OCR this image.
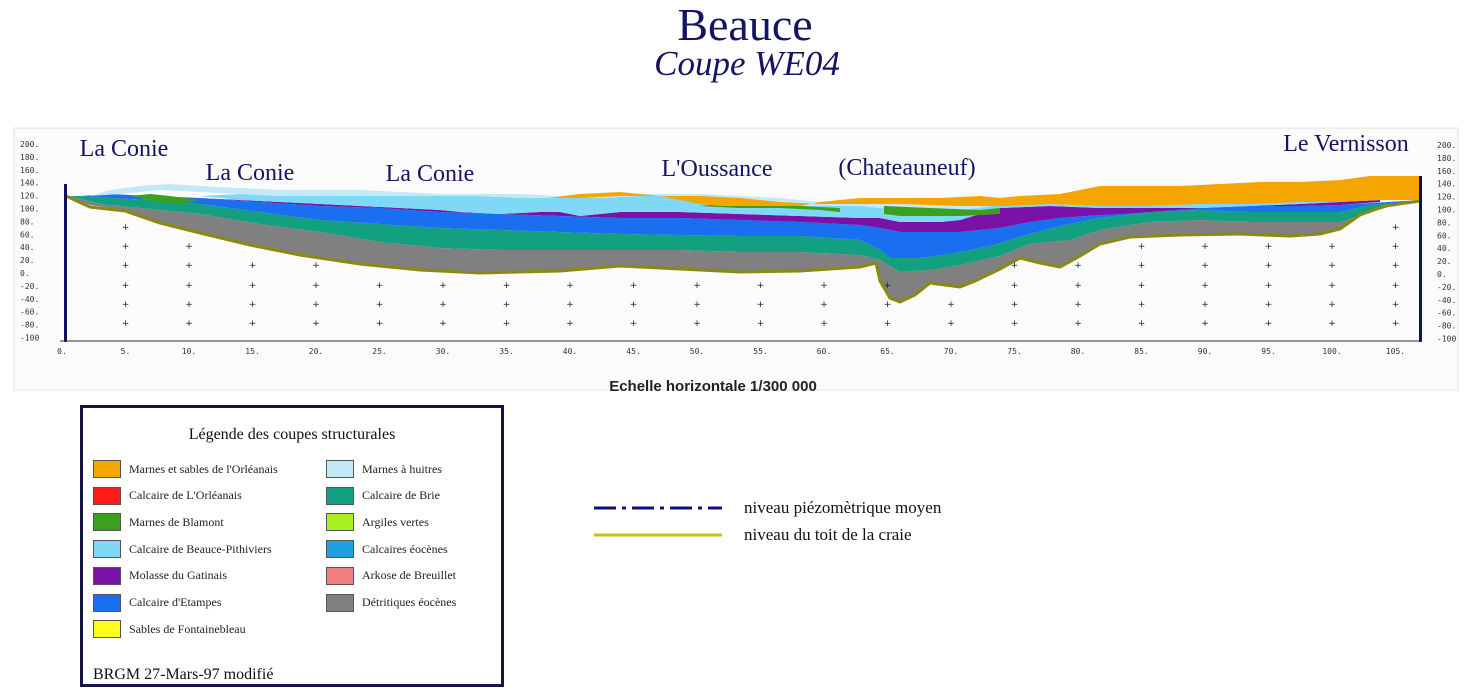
Beauce
Coupe WE04
200.
180.
160.
140.
120.
100.
80.
60.
40.
20.
0.
-20.
-40.
-60.
-80.
-100
200.
180.
160.
140.
120.
100.
80.
60.
40.
20.
0.
-20.
-40.
-60.
-80.
-100
0.	5.	10.	15.	20.	25.	30.	35.	40.	45.	50.	55.	60.	65.	70.	75.	80.	85.	90.	95.	100.	105.
+
+
+
+
+
+
+
+
+
+
+
+
+
+
+
+
+
+
+
+
+
+
+
+
+
+
+
+
+
+
+
+
+
+
+
+
+
+
+
+
+
+
+
+
+
+
+
+
+
+
+
+
+
+
+
+
+
+
+
+
+
+
+
+
+
+
+
+
+
+
+
+
+
+
+
+
+
+
+
+
+
+
La Conie
La Conie	La Conie	L'Oussance	(Chateauneuf)
Le Vernisson
Echelle horizontale 1/300 000
Légende des coupes structurales
Marnes et sables de l'Orléanais
Calcaire de L'Orléanais
Marnes de Blamont
Calcaire de Beauce-Pithiviers
Molasse du Gatinais
Calcaire d'Etampes
Sables de Fontainebleau
Marnes à huitres
Calcaire de Brie
Argiles vertes
Calcaires éocènes
Arkose de Breuillet
Détritiques éocènes
BRGM 27-Mars-97 modifié
niveau piézomètrique moyen
niveau du toit de la craie
